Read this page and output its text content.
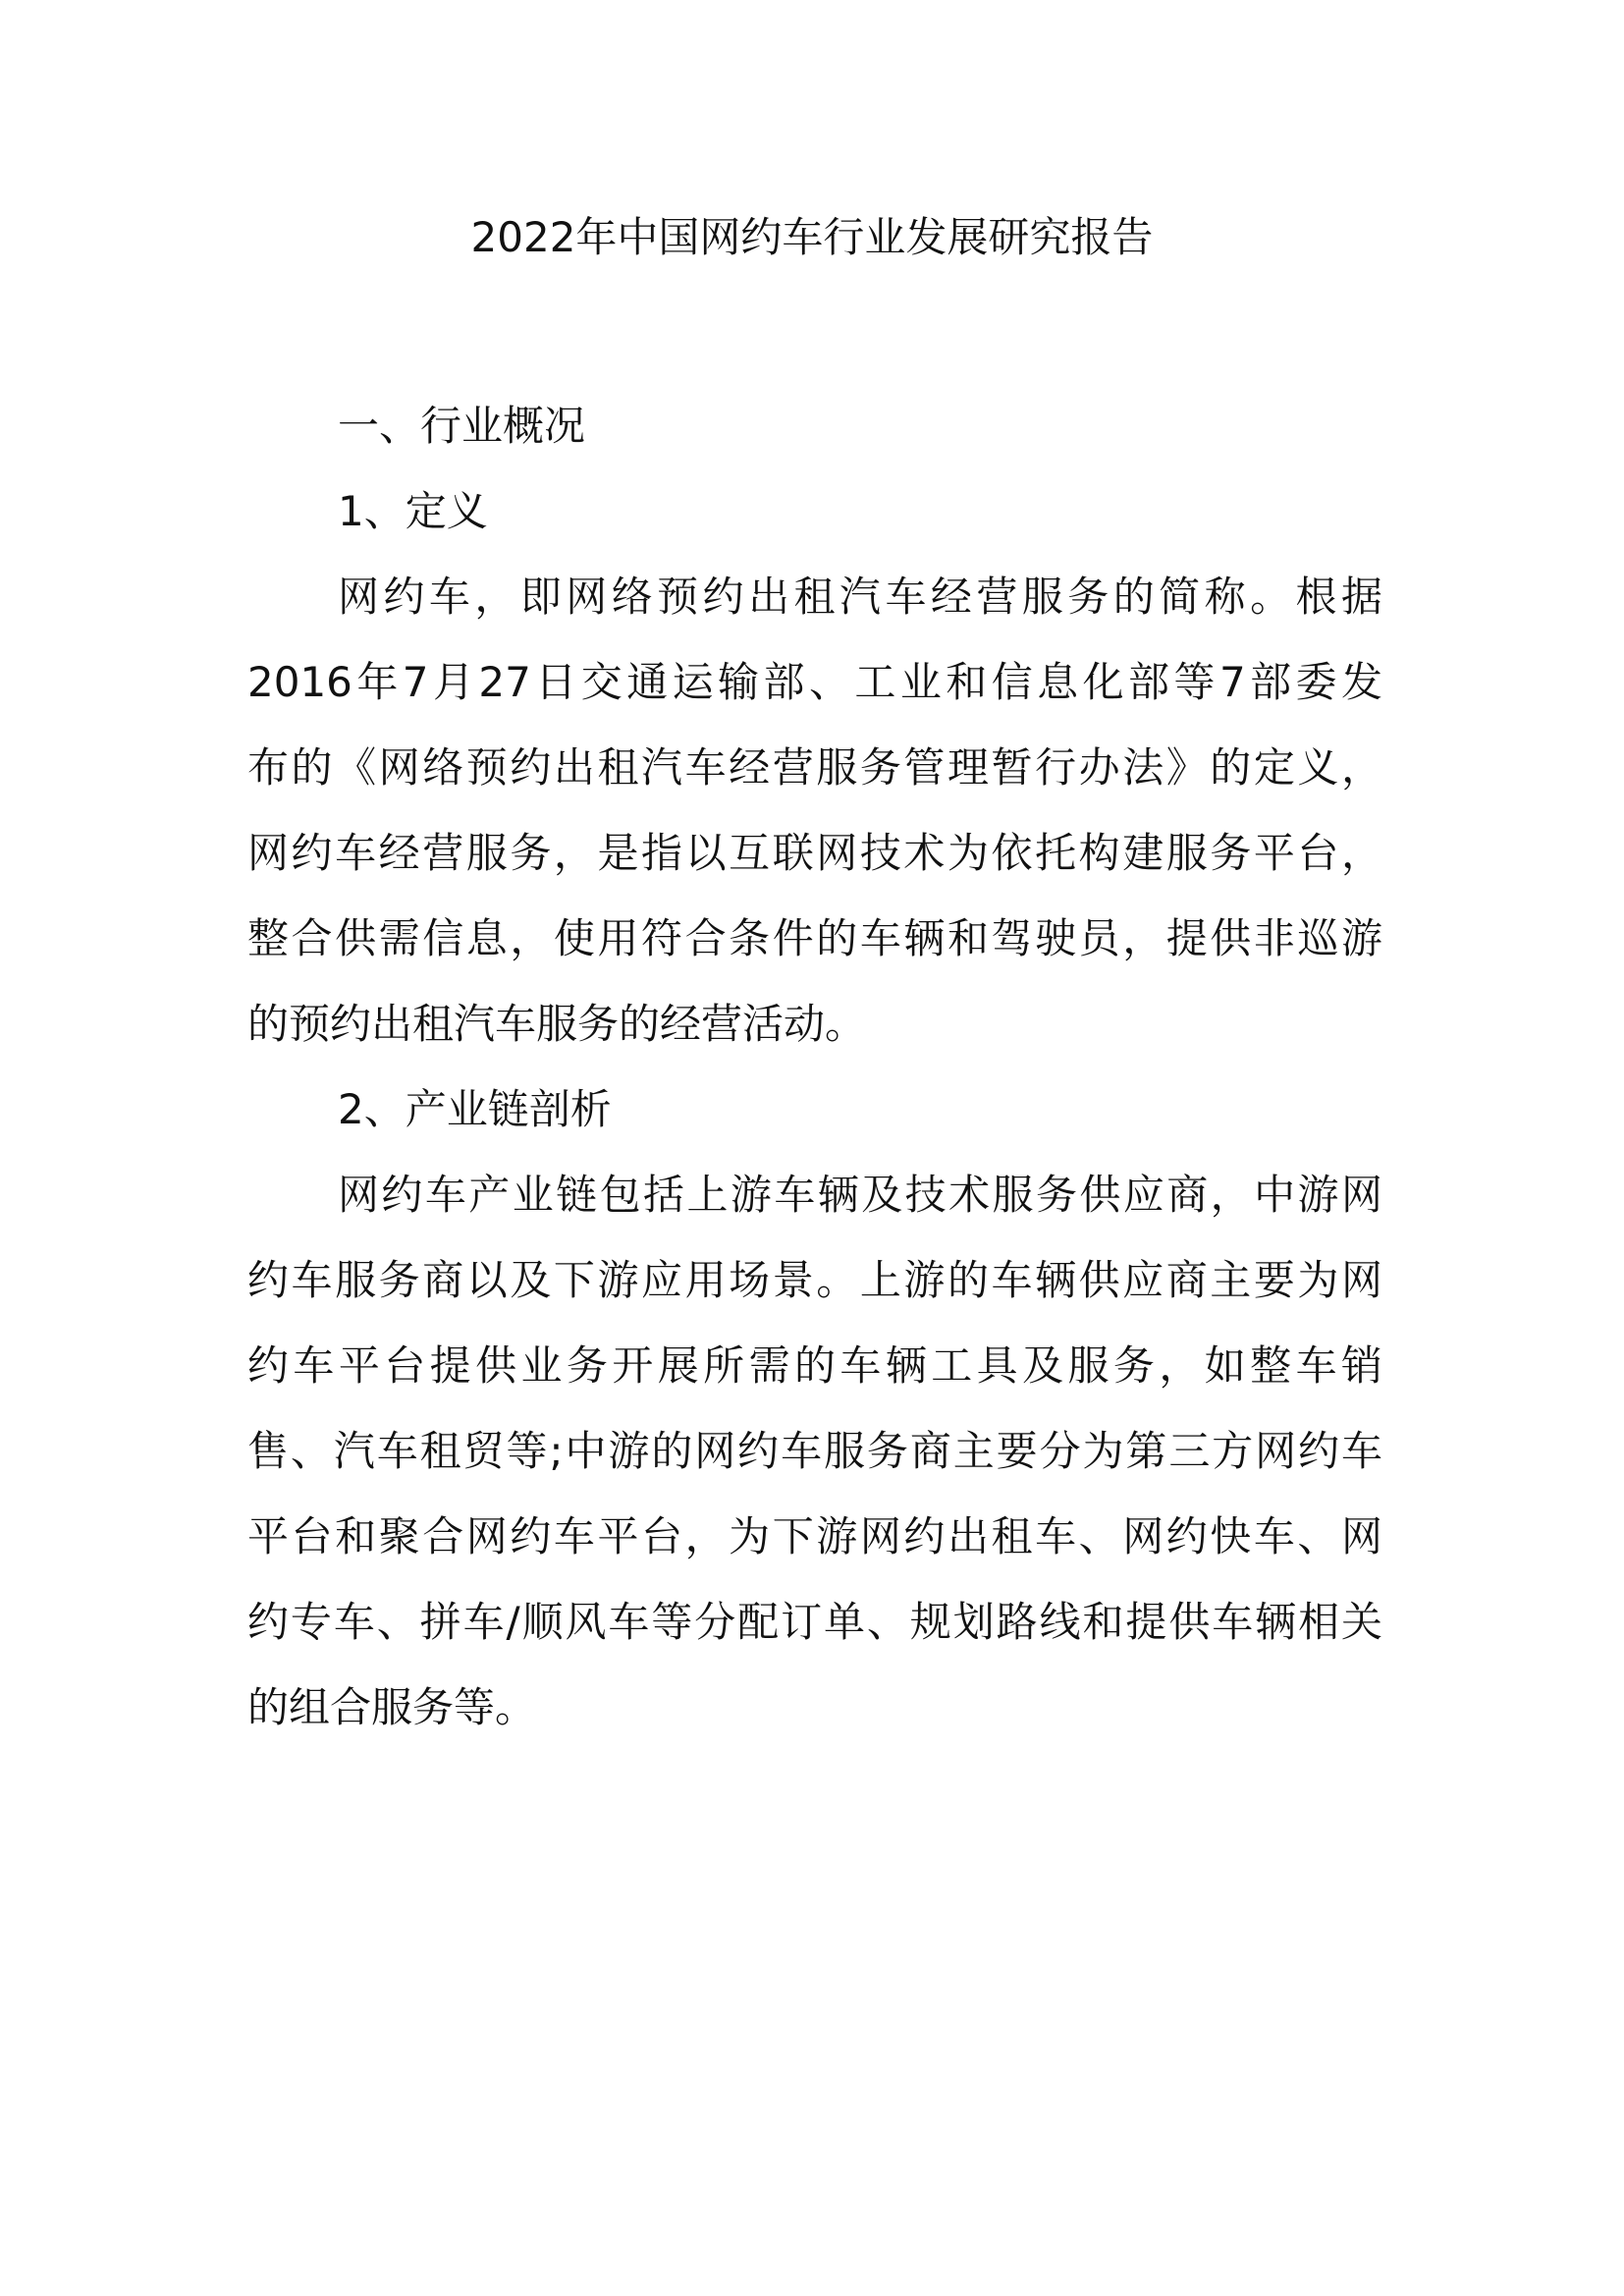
2022年中国网约车行业发展研究报告
一、行业概况
1、定义
网约车，即网络预约出租汽车经营服务的简称。根据
2016年7月27日交通运输部、工业和信息化部等7部委发
布的《网络预约出租汽车经营服务管理暂行办法》的定义，
网约车经营服务，是指以互联网技术为依托构建服务平台，
整合供需信息，使用符合条件的车辆和驾驶员，提供非巡游
的预约出租汽车服务的经营活动。
2、产业链剖析
网约车产业链包括上游车辆及技术服务供应商，中游网
约车服务商以及下游应用场景。上游的车辆供应商主要为网
约车平台提供业务开展所需的车辆工具及服务，如整车销
售、汽车租贸等;中游的网约车服务商主要分为第三方网约车
平台和聚合网约车平台，为下游网约出租车、网约快车、网
约专车、拼车/顺风车等分配订单、规划路线和提供车辆相关
的组合服务等。
